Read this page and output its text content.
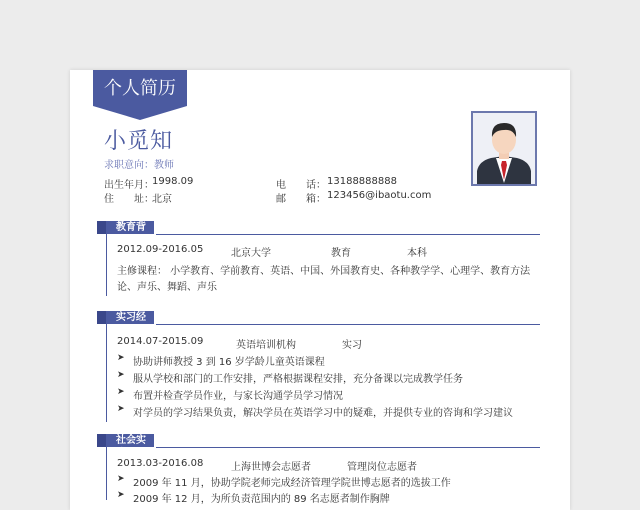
个人简历
小觅知
求职意向：教师
出生年月：
1998.09
住　　址：
北京
电　　话： 13188888888
邮　　箱： 123456@ibaotu.com
教育背景
2012.09-2016.05	北京大学	教育	本科
主修课程： 小学教育、学前教育、英语、中国、外国教育史、各种教学学、心理学、教育方法
论、声乐、舞蹈、声乐
实习经历
2014.07-2015.09	英语培训机构	实习
➤ 协助讲师教授 3 到 16 岁学龄儿童英语课程
➤ 服从学校和部门的工作安排，严格根据课程安排，充分备课以完成教学任务
➤ 布置并检查学员作业，与家长沟通学员学习情况
➤ 对学员的学习结果负责，解决学员在英语学习中的疑难，并提供专业的咨询和学习建议
社会实践
2013.03-2016.08	上海世博会志愿者	管理岗位志愿者
➤ 2009 年 11 月，协助学院老师完成经济管理学院世博志愿者的选拔工作
➤ 2009 年 12 月，为所负责范围内的 89 名志愿者制作胸牌
